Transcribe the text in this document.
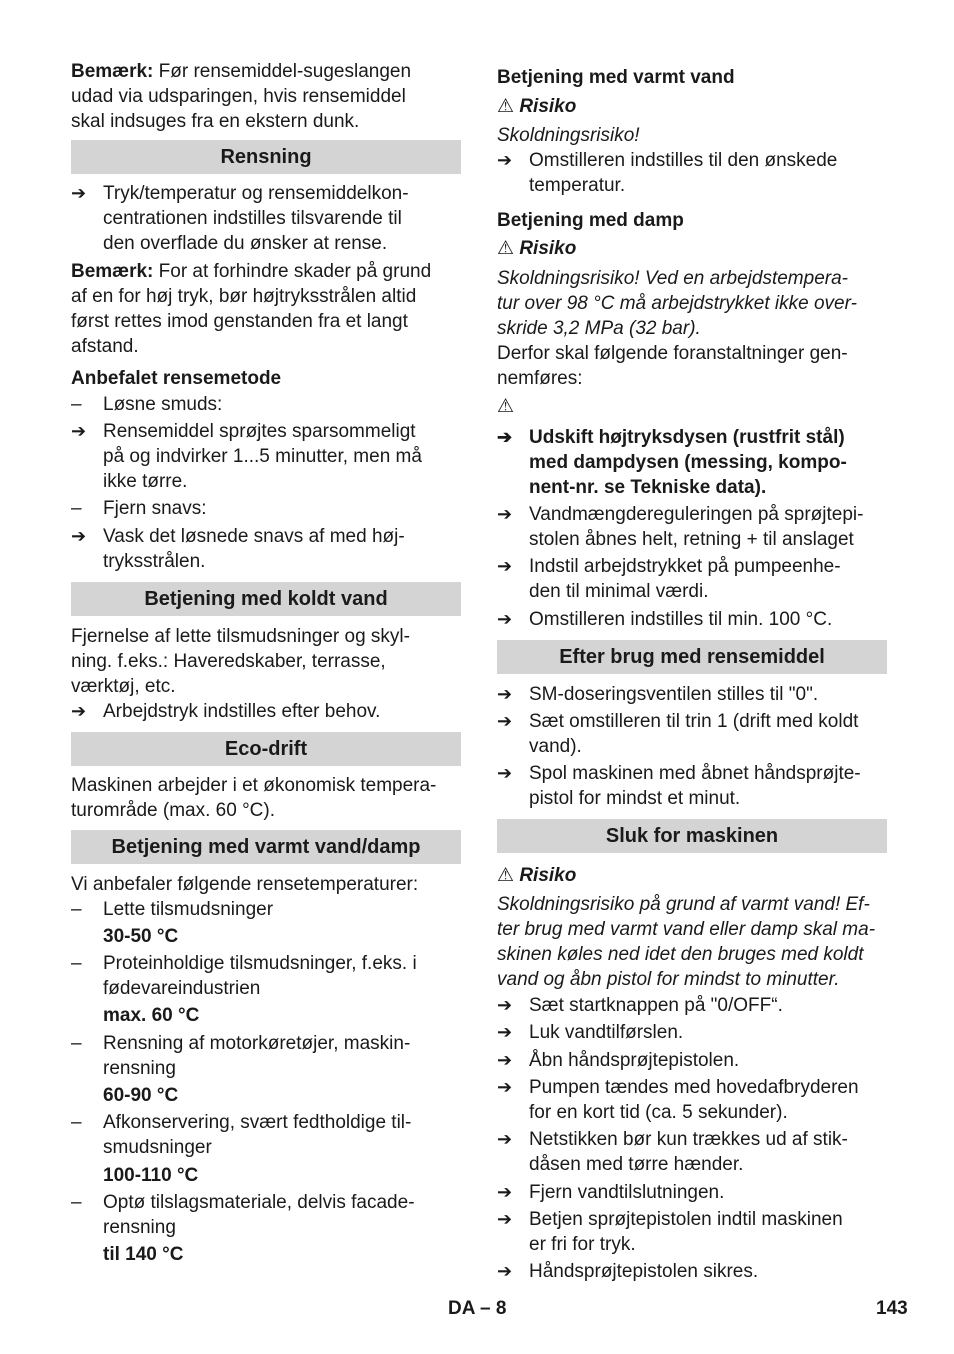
Bemærk: Før rensemiddel-sugeslangen
udad via udsparingen, hvis rensemiddel
skal indsuges fra en ekstern dunk.
Rensning
➔ Tryk/temperatur og rensemiddelkon-
centrationen indstilles tilsvarende til
den overflade du ønsker at rense.
Bemærk: For at forhindre skader på grund
af en for høj tryk, bør højtryksstrålen altid
først rettes imod genstanden fra et langt
afstand.
Anbefalet rensemetode
–	Løsne smuds:
➔ Rensemiddel sprøjtes sparsommeligt
på og indvirker 1...5 minutter, men må
ikke tørre.
–	Fjern snavs:
➔ Vask det løsnede snavs af med høj-
tryksstrålen.
Betjening med koldt vand
Fjernelse af lette tilsmudsninger og skyl-
ning. f.eks.: Haveredskaber, terrasse,
værktøj, etc.
➔ Arbejdstryk indstilles efter behov.
Eco-drift
Maskinen arbejder i et økonomisk tempera-
turområde (max. 60 °C).
Betjening med varmt vand/damp
Vi anbefaler følgende rensetemperaturer:
–	Lette tilsmudsninger
30-50 °C
–	Proteinholdige tilsmudsninger, f.eks. i
fødevareindustrien
max. 60 °C
–	Rensning af motorkøretøjer, maskin-
rensning
60-90 °C
–	Afkonservering, svært fedtholdige til-
smudsninger
100-110 °C
–	Optø tilslagsmateriale, delvis facade-
rensning
til 140 °C
Betjening med varmt vand
⚠ Risiko
Skoldningsrisiko!
➔ Omstilleren indstilles til den ønskede
temperatur.
Betjening med damp
⚠ Risiko
Skoldningsrisiko! Ved en arbejdstempera-
tur over 98 °C må arbejdstrykket ikke over-
skride 3,2 MPa (32 bar).
Derfor skal følgende foranstaltninger gen-
nemføres:
⚠
➔ Udskift højtryksdysen (rustfrit stål)
med dampdysen (messing, kompo-
nent-nr. se Tekniske data).
➔ Vandmængdereguleringen på sprøjtepi-
stolen åbnes helt, retning + til anslaget
➔ Indstil arbejdstrykket på pumpeenhe-
den til minimal værdi.
➔ Omstilleren indstilles til min. 100 °C.
Efter brug med rensemiddel
➔ SM-doseringsventilen stilles til "0".
➔ Sæt omstilleren til trin 1 (drift med koldt
vand).
➔ Spol maskinen med åbnet håndsprøjte-
pistol for mindst et minut.
Sluk for maskinen
⚠ Risiko
Skoldningsrisiko på grund af varmt vand! Ef-
ter brug med varmt vand eller damp skal ma-
skinen køles ned idet den bruges med koldt
vand og åbn pistol for mindst to minutter.
➔ Sæt startknappen på "0/OFF“.
➔ Luk vandtilførslen.
➔ Åbn håndsprøjtepistolen.
➔ Pumpen tændes med hovedafbryderen
for en kort tid (ca. 5 sekunder).
➔ Netstikken bør kun trækkes ud af stik-
dåsen med tørre hænder.
➔ Fjern vandtilslutningen.
➔ Betjen sprøjtepistolen indtil maskinen
er fri for tryk.
➔ Håndsprøjtepistolen sikres.
DA – 8	143
